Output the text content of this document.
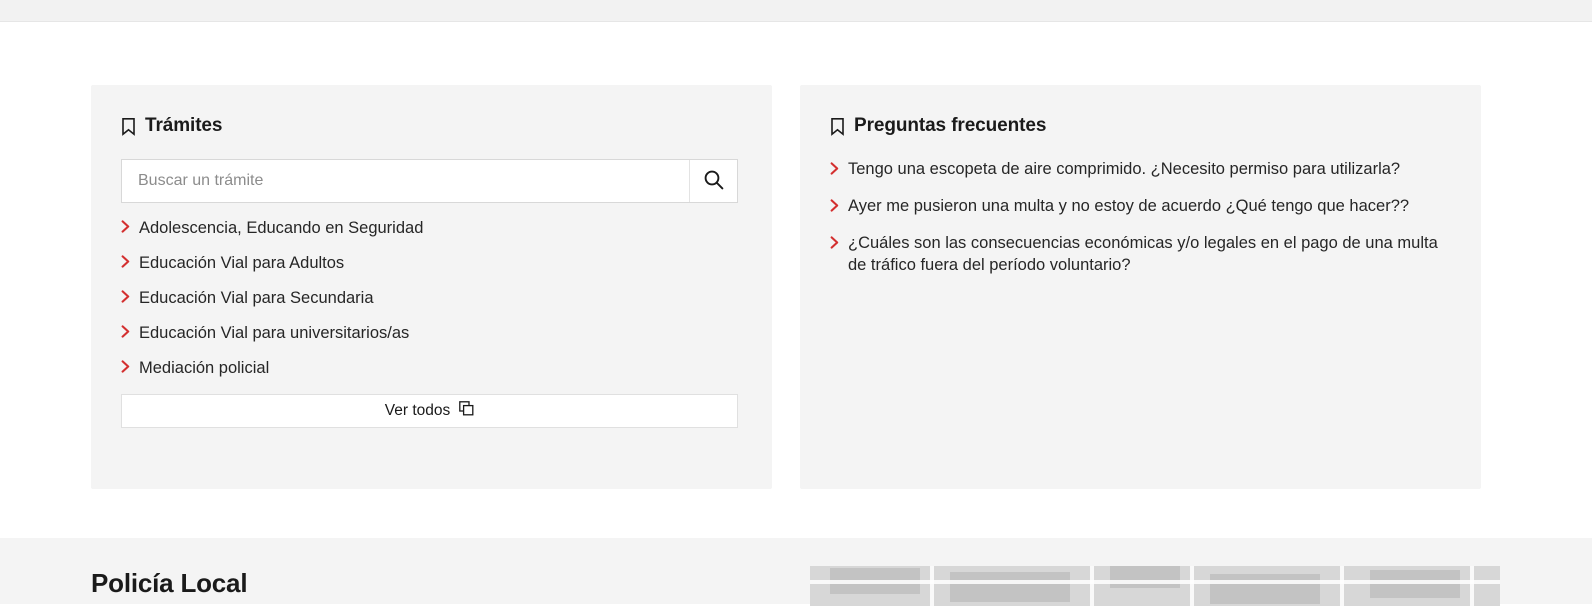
Trámites
Buscar un trámite
Adolescencia, Educando en Seguridad
Educación Vial para Adultos
Educación Vial para Secundaria
Educación Vial para universitarios/as
Mediación policial
Ver todos
Preguntas frecuentes
Tengo una escopeta de aire comprimido. ¿Necesito permiso para utilizarla?
Ayer me pusieron una multa y no estoy de acuerdo ¿Qué tengo que hacer??
¿Cuáles son las consecuencias económicas y/o legales en el pago de una multa de tráfico fuera del período voluntario?
Policía Local
